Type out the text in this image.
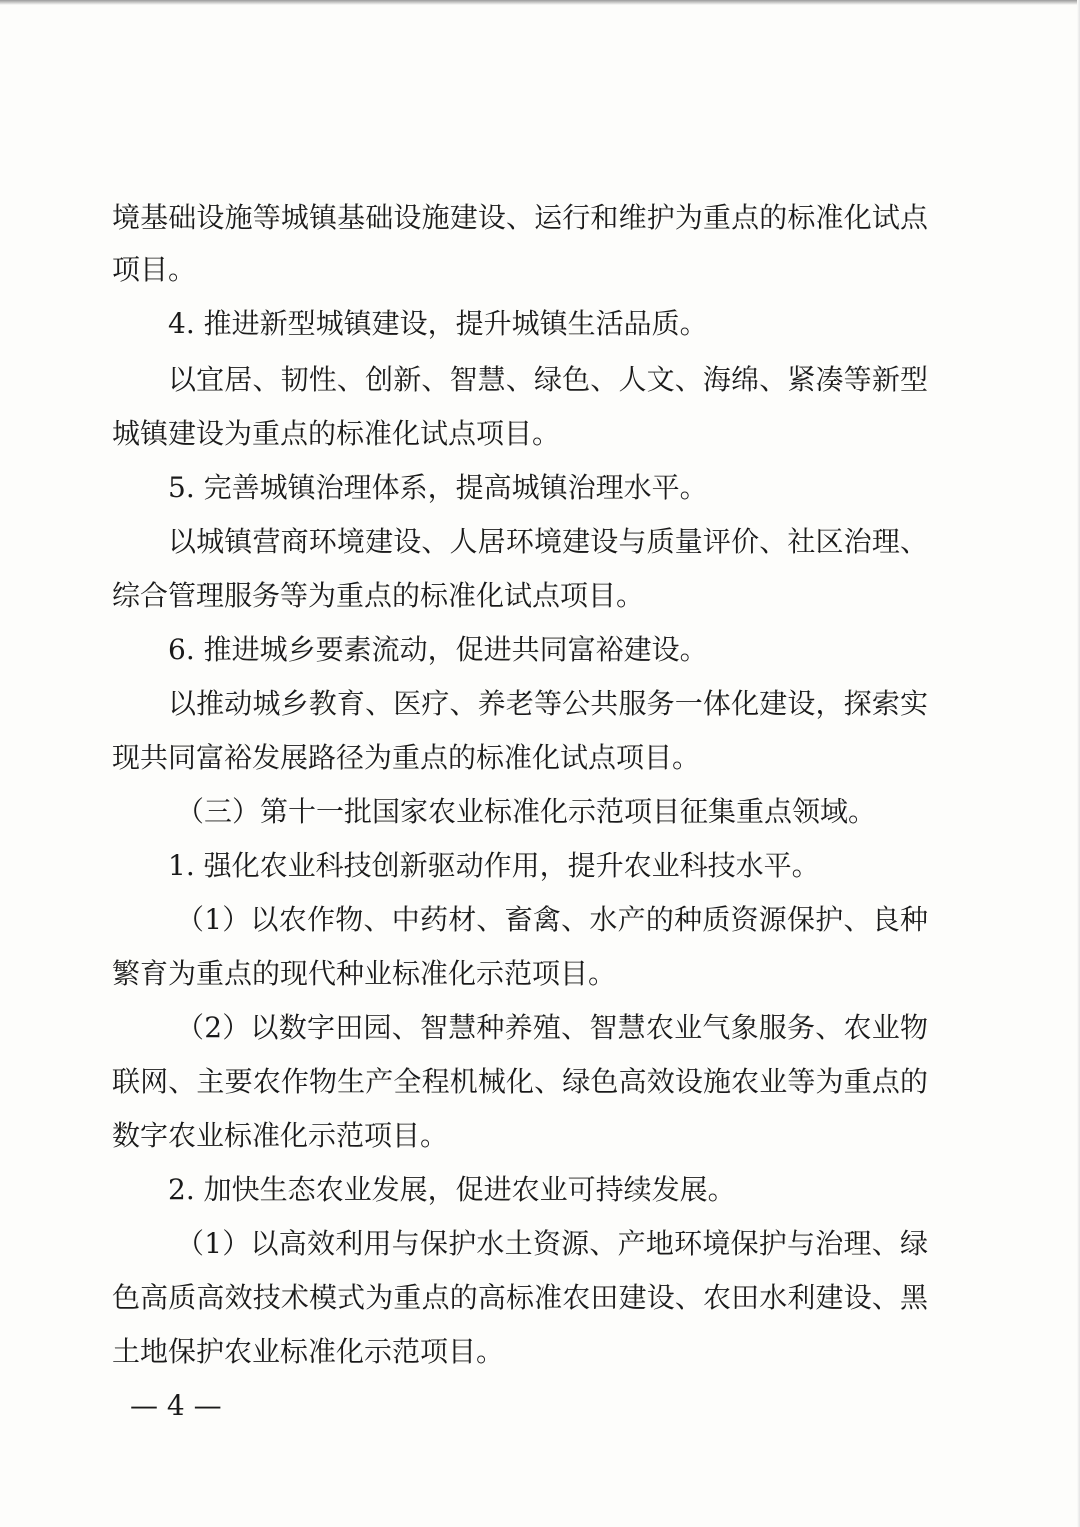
境基础设施等城镇基础设施建设、运行和维护为重点的标准化试点
项目。
4. 推进新型城镇建设，提升城镇生活品质。
以宜居、韧性、创新、智慧、绿色、人文、海绵、紧凑等新型
城镇建设为重点的标准化试点项目。
5. 完善城镇治理体系，提高城镇治理水平。
以城镇营商环境建设、人居环境建设与质量评价、社区治理、
综合管理服务等为重点的标准化试点项目。
6. 推进城乡要素流动，促进共同富裕建设。
以推动城乡教育、医疗、养老等公共服务一体化建设，探索实
现共同富裕发展路径为重点的标准化试点项目。
（三）第十一批国家农业标准化示范项目征集重点领域。
1. 强化农业科技创新驱动作用，提升农业科技水平。
（1）以农作物、中药材、畜禽、水产的种质资源保护、良种
繁育为重点的现代种业标准化示范项目。
（2）以数字田园、智慧种养殖、智慧农业气象服务、农业物
联网、主要农作物生产全程机械化、绿色高效设施农业等为重点的
数字农业标准化示范项目。
2. 加快生态农业发展，促进农业可持续发展。
（1）以高效利用与保护水土资源、产地环境保护与治理、绿
色高质高效技术模式为重点的高标准农田建设、农田水利建设、黑
土地保护农业标准化示范项目。
— 4 —
